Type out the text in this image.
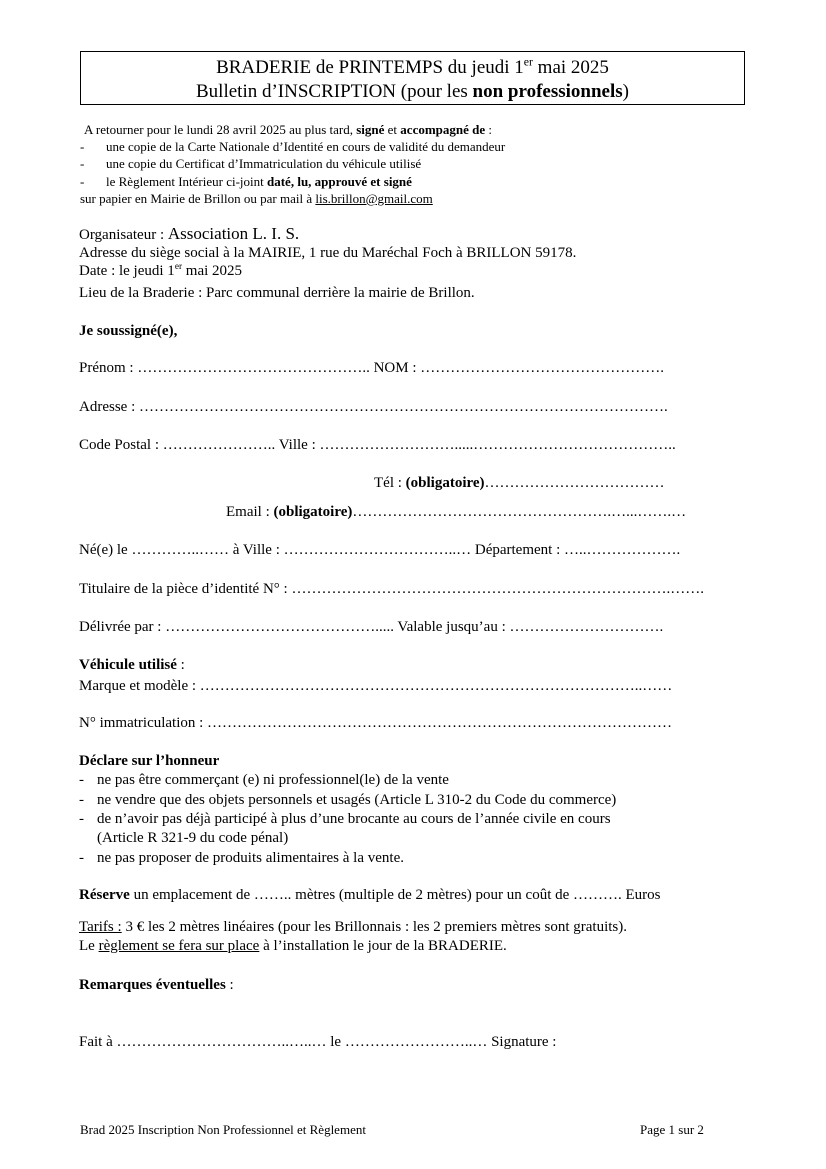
BRADERIE de PRINTEMPS du jeudi 1er mai 2025
Bulletin d’INSCRIPTION (pour les non professionnels)
A retourner pour le lundi 28 avril 2025 au plus tard, signé et accompagné de :
- une copie de la Carte Nationale d’Identité en cours de validité du demandeur
- une copie du Certificat d’Immatriculation du véhicule utilisé
- le Règlement Intérieur ci-joint daté, lu, approuvé et signé
sur papier en Mairie de Brillon ou par mail à lis.brillon@gmail.com
Organisateur : Association L. I. S.
Adresse du siège social à la MAIRIE, 1 rue du Maréchal Foch à BRILLON 59178.
Date : le jeudi 1er mai 2025
Lieu de la Braderie : Parc communal derrière la mairie de Brillon.
Je soussigné(e),
Prénom : ……………………………………….. NOM : ………………………………………….
Adresse : …………………………………………………………………………………………….
Code Postal : ………………….. Ville : ……………………….....…………………………………..
Tél : (obligatoire)………………………………
Email : (obligatoire)…………………………………………….…...…….…
Né(e) le …………..…… à Ville : ……………………………..… Département : …..……………….
Titulaire de la pièce d’identité N° : ………………………………………………………………….…….
Délivrée par : ……………………………………..... Valable jusqu’au : ………………………….
Véhicule utilisé :
Marque et modèle : ……………………………………………………………………………..……
N° immatriculation : …………………………………………………………………………………
Déclare sur l’honneur
- ne pas être commerçant (e) ni professionnel(le) de la vente
- ne vendre que des objets personnels et usagés (Article L 310-2 du Code du commerce)
- de n’avoir pas déjà participé à plus d’une brocante au cours de l’année civile en cours
(Article R 321-9 du code pénal)
- ne pas proposer de produits alimentaires à la vente.
Réserve un emplacement de …….. mètres (multiple de 2 mètres) pour un coût de ………. Euros
Tarifs : 3 € les 2 mètres linéaires (pour les Brillonnais : les 2 premiers mètres sont gratuits).
Le règlement se fera sur place à l’installation le jour de la BRADERIE.
Remarques éventuelles :
Fait à ……………………………..…..… le ……………………..… Signature :
Brad 2025 Inscription Non Professionnel et Règlement	Page 1 sur 2
